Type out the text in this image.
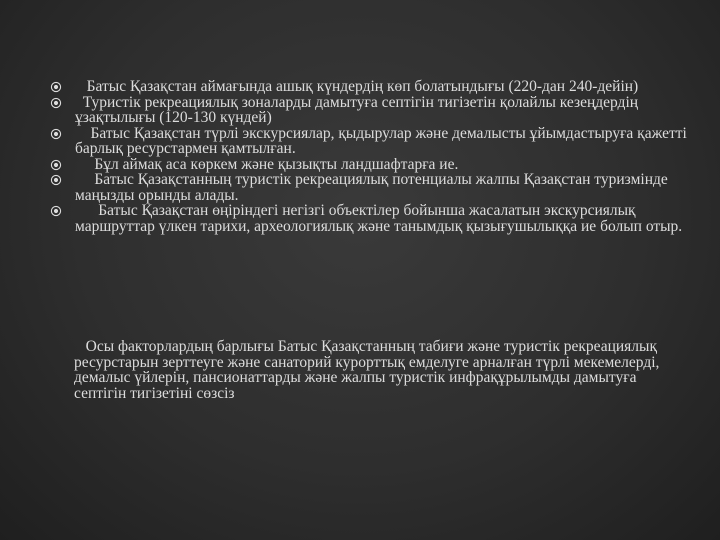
Батыс Қазақстан аймағында ашық күндердің көп болатындығы (220-дан 240-дейін)
Туристік рекреациялық зоналарды дамытуға септігін тигізетін қолайлы кезеңдердің ұзақтылығы (120-130 күндей)
Батыс Қазақстан түрлі экскурсиялар, қыдырулар және демалысты ұйымдастыруға қажетті барлық ресурстармен қамтылған.
Бұл аймақ аса көркем және қызықты ландшафтарға ие.
Батыс Қазақстанның туристік рекреациялық потенциалы жалпы Қазақстан туризмінде маңызды орынды алады.
Батыс Қазақстан өңіріндегі негізгі объектілер бойынша жасалатын экскурсиялық маршруттар үлкен тарихи, археологиялық және танымдық қызығушылыққа ие болып отыр.

Осы факторлардың барлығы Батыс Қазақстанның табиғи және туристік рекреациялық ресурстарын зерттеуге және санаторий курорттық емделуге арналған түрлі мекемелерді, демалыс үйлерін, пансионаттарды және жалпы туристік инфрақұрылымды дамытуға септігін тигізетіні сөзсіз
